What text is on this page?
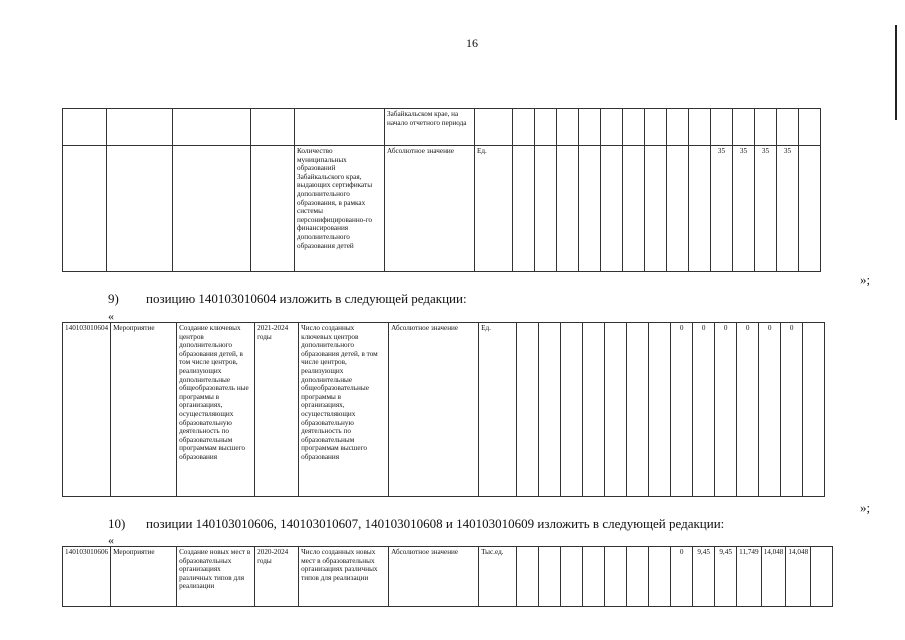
16
					Забайкальском крае, на начало отчетного периода															
				Количество муниципальных образований Забайкальского края, выдающих сертификаты дополнительного образования, в рамках системы персонифицированно-го финансирования дополнительного образования детей	Абсолютное значение	Ед.										35	35	35	35	
»;
9) позицию 140103010604 изложить в следующей редакции:
«
140103010604	Мероприятие	Создание ключевых центров дополнительного образования детей, в том числе центров, реализующих дополнительные общеобразователь ные программы в организациях, осуществляющих образовательную деятельность по образовательным программам высшего образования	2021-2024 годы	Число созданных ключевых центров дополнительного образования детей, в том числе центров, реализующих дополнительные общеобразовательные программы в организациях, осуществляющих образовательную деятельность по образовательным программам высшего образования	Абсолютное значение	Ед.								0	0	0	0	0	0	
»;
10) позиции 140103010606, 140103010607, 140103010608 и 140103010609 изложить в следующей редакции:
«
140103010606	Мероприятие	Создание новых мест в образовательных организациях различных типов для реализации	2020-2024 годы	Число созданных новых мест в образовательных организациях различных типов для реализации	Абсолютное значение	Тыс.ед.								0	9,45	9,45	11,749	14,048	14,048	
